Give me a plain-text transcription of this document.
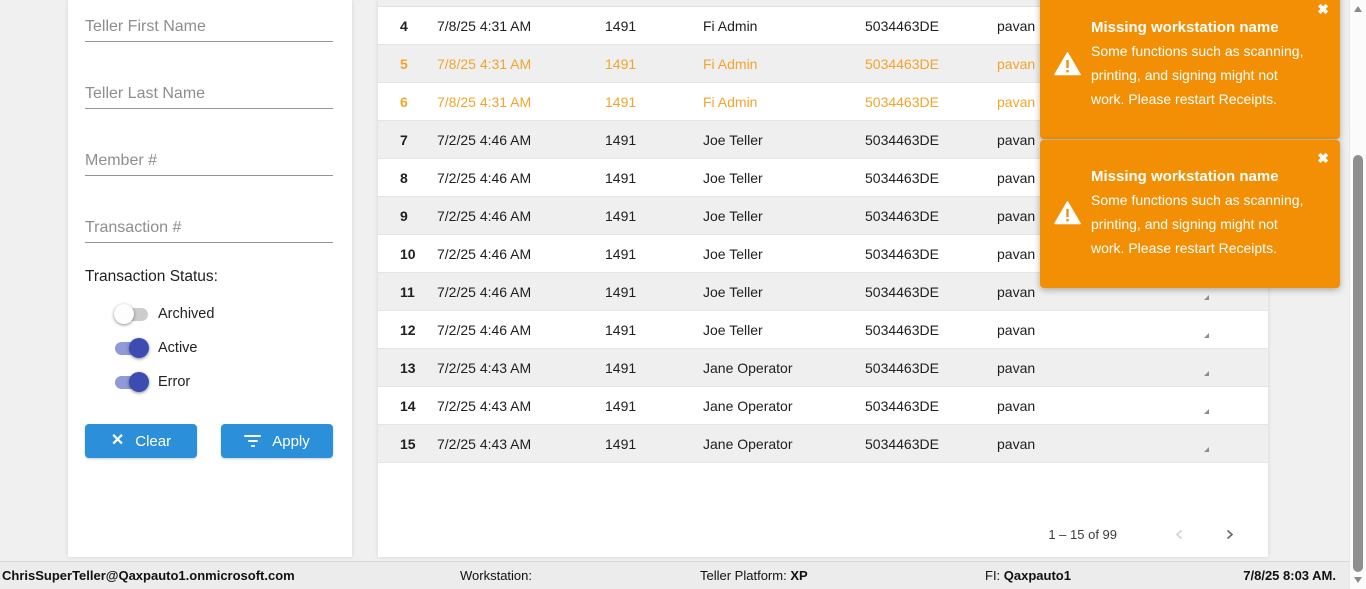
Teller First Name
Teller Last Name
Member #
Transaction #
Transaction Status:
Archived
Active
Error
✕ Clear	Apply
4	7/8/25 4:31 AM	1491	Fi Admin	5034463DE	pavan
5	7/8/25 4:31 AM	1491	Fi Admin	5034463DE	pavan
6	7/8/25 4:31 AM	1491	Fi Admin	5034463DE	pavan
7	7/2/25 4:46 AM	1491	Joe Teller	5034463DE	pavan
8	7/2/25 4:46 AM	1491	Joe Teller	5034463DE	pavan
9	7/2/25 4:46 AM	1491	Joe Teller	5034463DE	pavan
10	7/2/25 4:46 AM	1491	Joe Teller	5034463DE	pavan
11	7/2/25 4:46 AM	1491	Joe Teller	5034463DE	pavan
12	7/2/25 4:46 AM	1491	Joe Teller	5034463DE	pavan
13	7/2/25 4:43 AM	1491	Jane Operator	5034463DE	pavan
14	7/2/25 4:43 AM	1491	Jane Operator	5034463DE	pavan
15	7/2/25 4:43 AM	1491	Jane Operator	5034463DE	pavan
1 – 15 of 99
Missing workstation name
Some functions such as scanning, printing, and signing might not work. Please restart Receipts.
✖
Missing workstation name
Some functions such as scanning, printing, and signing might not work. Please restart Receipts.
✖
ChrisSuperTeller@Qaxpauto1.onmicrosoft.com	Workstation:	Teller Platform: XP	FI: Qaxpauto1	7/8/25 8:03 AM.
